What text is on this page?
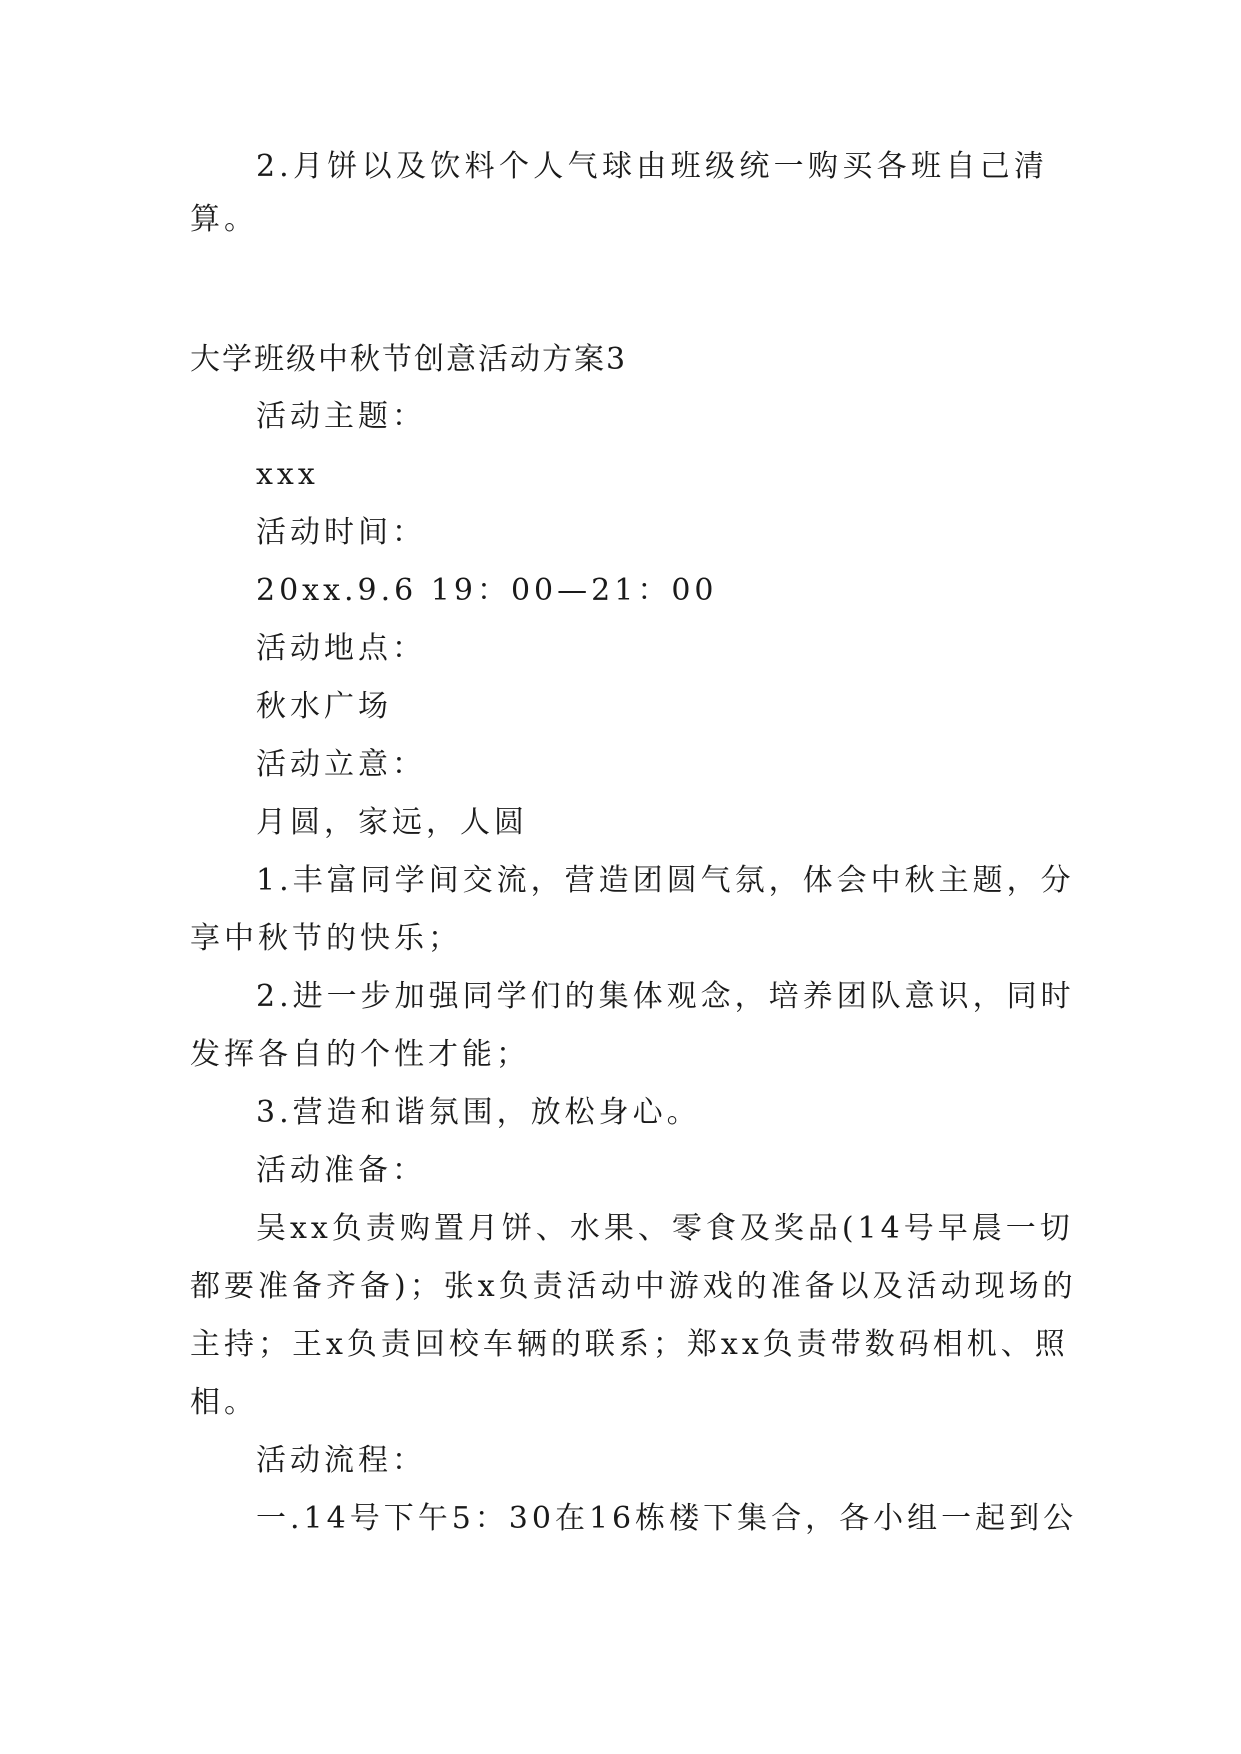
2.月饼以及饮料个人气球由班级统一购买各班自己清
算。
大学班级中秋节创意活动方案3
活动主题：
xxx
活动时间：
20xx.9.6 19：00—21：00
活动地点：
秋水广场
活动立意：
月圆，家远，人圆
1.丰富同学间交流，营造团圆气氛，体会中秋主题，分
享中秋节的快乐；
2.进一步加强同学们的集体观念，培养团队意识，同时
发挥各自的个性才能；
3.营造和谐氛围，放松身心。
活动准备：
吴xx负责购置月饼、水果、零食及奖品(14号早晨一切
都要准备齐备)；张x负责活动中游戏的准备以及活动现场的
主持；王x负责回校车辆的联系；郑xx负责带数码相机、照
相。
活动流程：
一.14号下午5：30在16栋楼下集合，各小组一起到公
